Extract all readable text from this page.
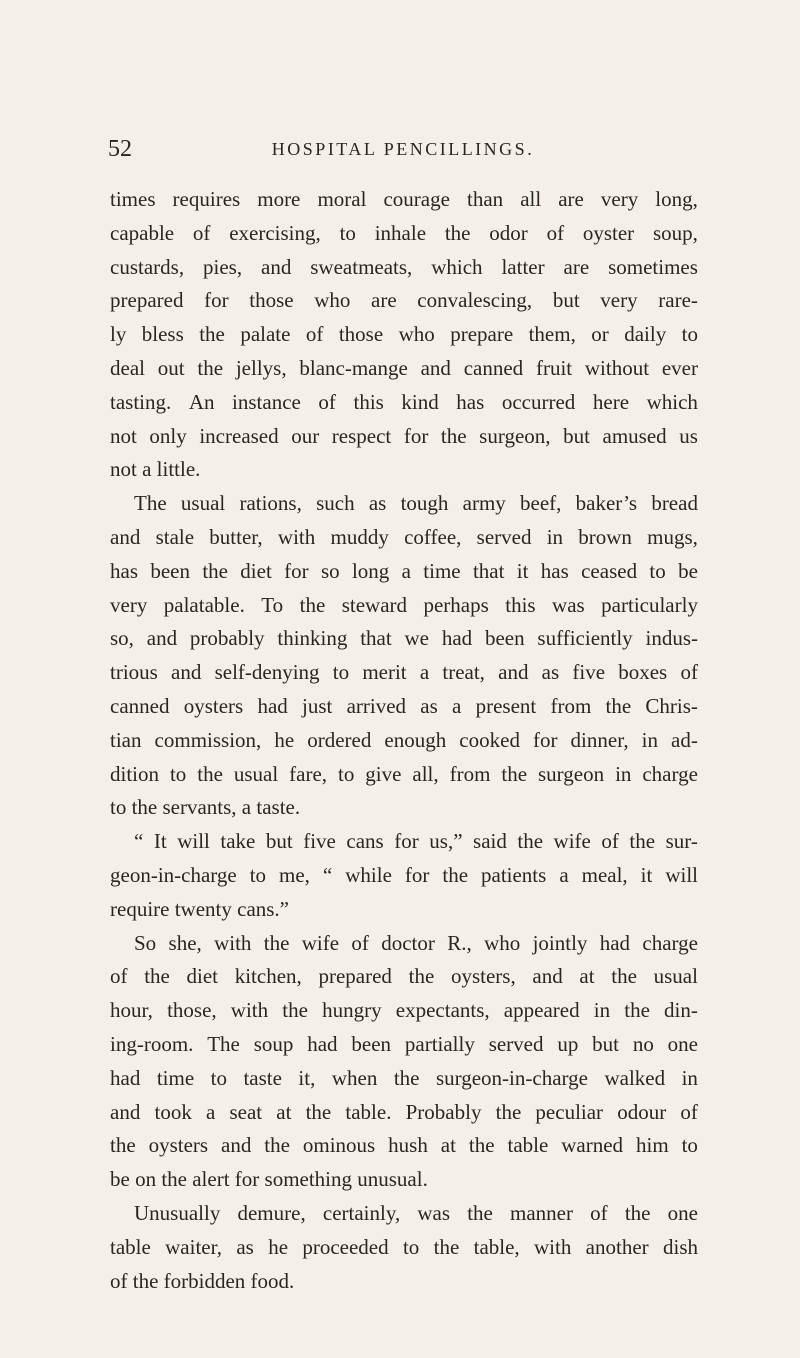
52	HOSPITAL PENCILLINGS.
times requires more moral courage than all are very long,
capable of exercising, to inhale the odor of oyster soup,
custards, pies, and sweatmeats, which latter are sometimes
prepared for those who are convalescing, but very rare-
ly bless the palate of those who prepare them, or daily to
deal out the jellys, blanc-mange and canned fruit without ever
tasting. An instance of this kind has occurred here which
not only increased our respect for the surgeon, but amused us
not a little.
The usual rations, such as tough army beef, baker’s bread
and stale butter, with muddy coffee, served in brown mugs,
has been the diet for so long a time that it has ceased to be
very palatable. To the steward perhaps this was particularly
so, and probably thinking that we had been sufficiently indus-
trious and self-denying to merit a treat, and as five boxes of
canned oysters had just arrived as a present from the Chris-
tian commission, he ordered enough cooked for dinner, in ad-
dition to the usual fare, to give all, from the surgeon in charge
to the servants, a taste.
“ It will take but five cans for us,” said the wife of the sur-
geon-in-charge to me, “ while for the patients a meal, it will
require twenty cans.”
So she, with the wife of doctor R., who jointly had charge
of the diet kitchen, prepared the oysters, and at the usual
hour, those, with the hungry expectants, appeared in the din-
ing-room. The soup had been partially served up but no one
had time to taste it, when the surgeon-in-charge walked in
and took a seat at the table. Probably the peculiar odour of
the oysters and the ominous hush at the table warned him to
be on the alert for something unusual.
Unusually demure, certainly, was the manner of the one
table waiter, as he proceeded to the table, with another dish
of the forbidden food.
